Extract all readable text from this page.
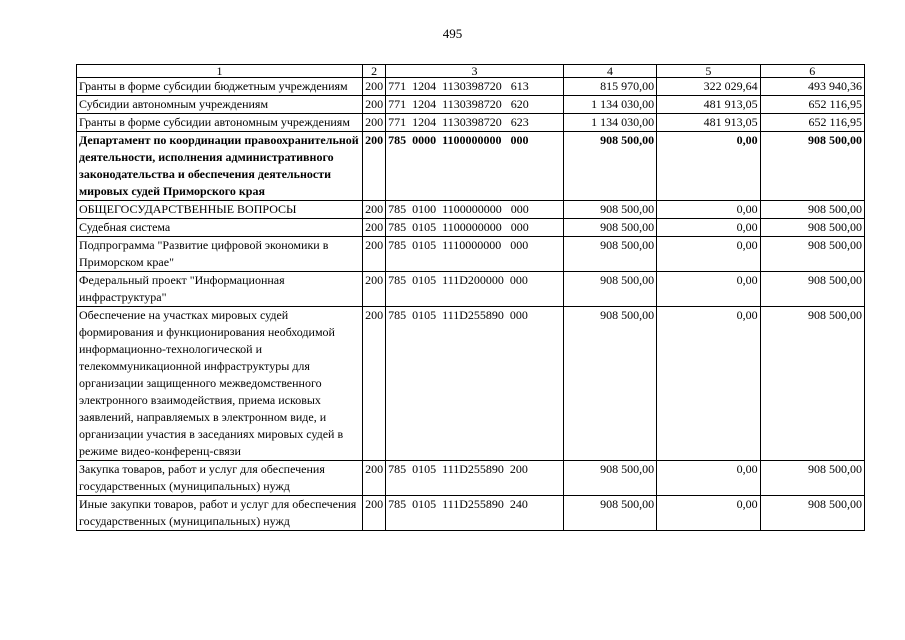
495
1	2	3	4	5	6
Гранты в форме субсидии бюджетным учреждениям	200	771  1204  1130398720   613	815 970,00	322 029,64	493 940,36
Субсидии автономным учреждениям	200	771  1204  1130398720   620	1 134 030,00	481 913,05	652 116,95
Гранты в форме субсидии автономным учреждениям	200	771  1204  1130398720   623	1 134 030,00	481 913,05	652 116,95
Департамент по координации правоохранительной деятельности, исполнения административного законодательства и обеспечения деятельности мировых судей Приморского края	200	785  0000  1100000000   000	908 500,00	0,00	908 500,00
ОБЩЕГОСУДАРСТВЕННЫЕ ВОПРОСЫ	200	785  0100  1100000000   000	908 500,00	0,00	908 500,00
Судебная система	200	785  0105  1100000000   000	908 500,00	0,00	908 500,00
Подпрограмма "Развитие цифровой экономики в Приморском крае"	200	785  0105  1110000000   000	908 500,00	0,00	908 500,00
Федеральный проект "Информационная инфраструктура"	200	785  0105  111D200000  000	908 500,00	0,00	908 500,00
Обеспечение на участках мировых судей формирования и функционирования необходимой информационно-технологической и телекоммуникационной инфраструктуры для организации защищенного межведомственного электронного взаимодействия, приема исковых заявлений, направляемых в электронном виде, и организации участия в заседаниях мировых судей в режиме видео-конференц-связи	200	785  0105  111D255890  000	908 500,00	0,00	908 500,00
Закупка товаров, работ и услуг для обеспечения государственных (муниципальных) нужд	200	785  0105  111D255890  200	908 500,00	0,00	908 500,00
Иные закупки товаров, работ и услуг для обеспечения государственных (муниципальных) нужд	200	785  0105  111D255890  240	908 500,00	0,00	908 500,00
